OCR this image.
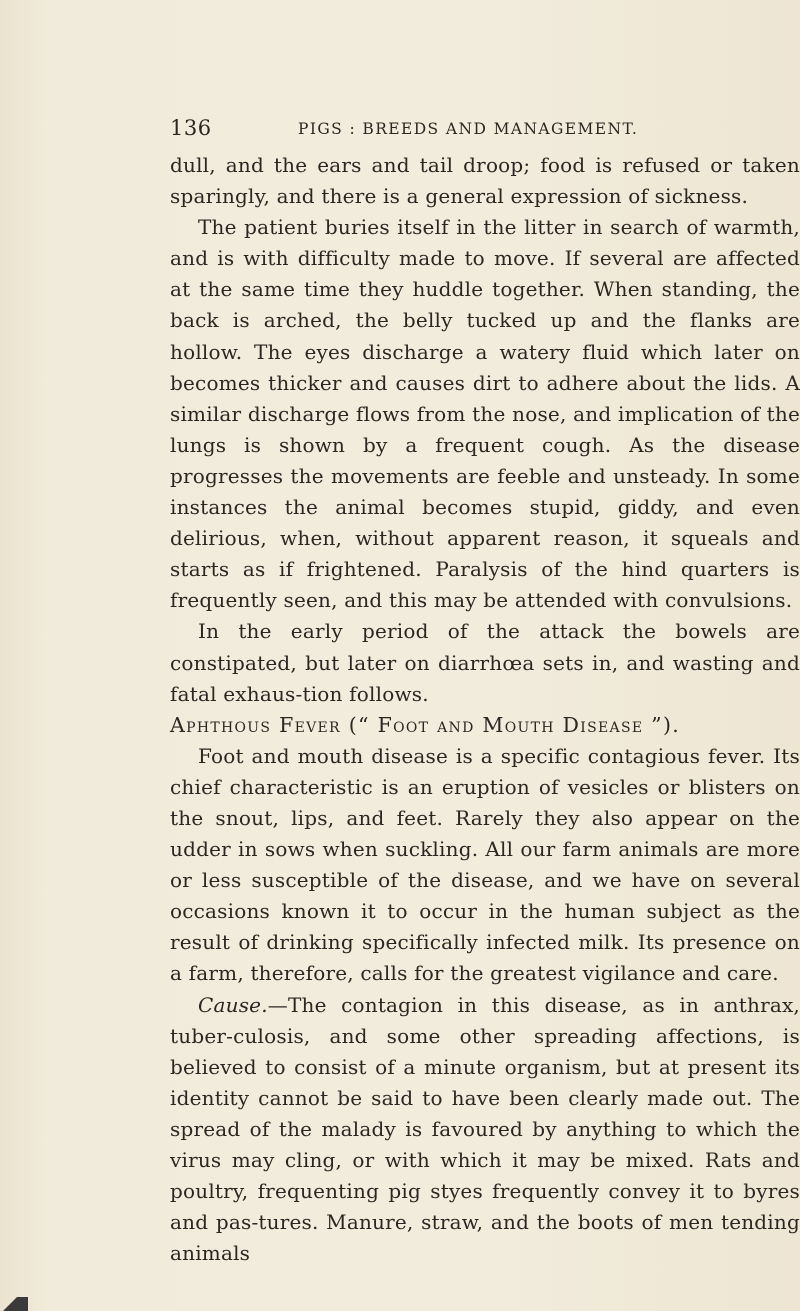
136	PIGS : BREEDS AND MANAGEMENT.

dull, and the ears and tail droop; food is refused or taken sparingly, and there is a general expression of sickness.

The patient buries itself in the litter in search of warmth, and is with difficulty made to move. If several are affected at the same time they huddle together. When standing, the back is arched, the belly tucked up and the flanks are hollow. The eyes discharge a watery fluid which later on becomes thicker and causes dirt to adhere about the lids. A similar discharge flows from the nose, and implication of the lungs is shown by a frequent cough. As the disease progresses the movements are feeble and unsteady. In some instances the animal becomes stupid, giddy, and even delirious, when, without apparent reason, it squeals and starts as if frightened. Paralysis of the hind quarters is frequently seen, and this may be attended with convulsions.

In the early period of the attack the bowels are constipated, but later on diarrhœa sets in, and wasting and fatal exhaus-tion follows.

Aphthous Fever (“ Foot and Mouth Disease ”).

Foot and mouth disease is a specific contagious fever. Its chief characteristic is an eruption of vesicles or blisters on the snout, lips, and feet. Rarely they also appear on the udder in sows when suckling. All our farm animals are more or less susceptible of the disease, and we have on several occasions known it to occur in the human subject as the result of drinking specifically infected milk. Its presence on a farm, therefore, calls for the greatest vigilance and care.

Cause.—The contagion in this disease, as in anthrax, tuber-culosis, and some other spreading affections, is believed to consist of a minute organism, but at present its identity cannot be said to have been clearly made out. The spread of the malady is favoured by anything to which the virus may cling, or with which it may be mixed. Rats and poultry, frequenting pig styes frequently convey it to byres and pas-tures. Manure, straw, and the boots of men tending animals
